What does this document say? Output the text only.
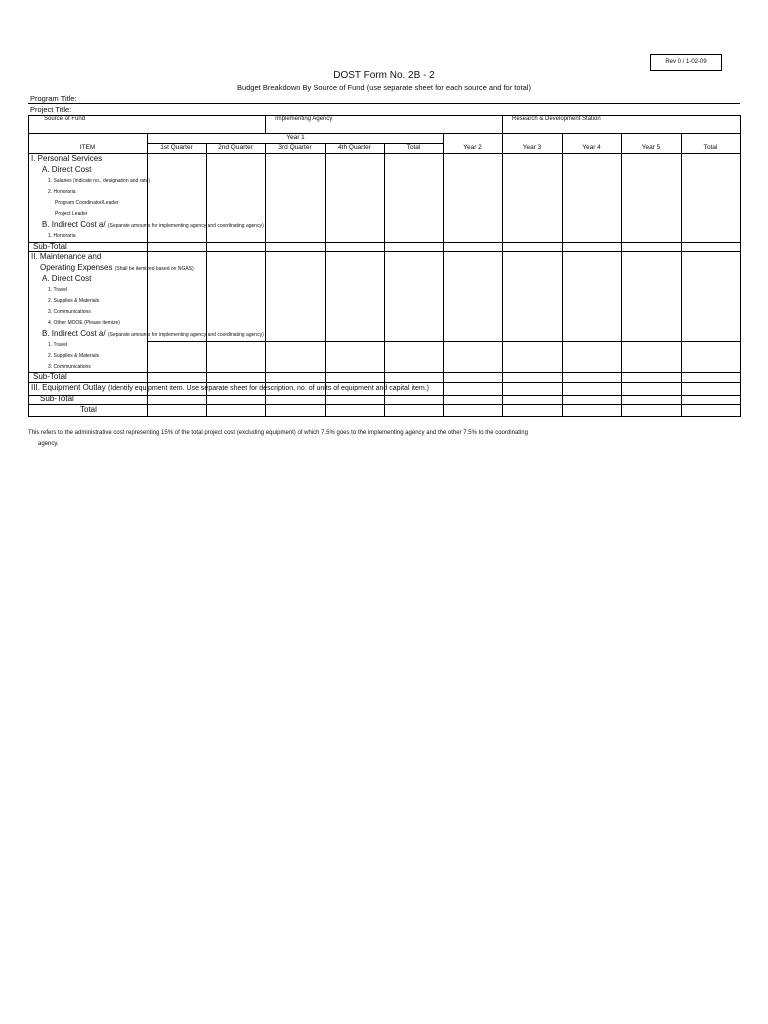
Rev 0 / 1-02-09
DOST Form No. 2B - 2
Budget Breakdown By Source of Fund (use separate sheet for each source and for total)
Program Title:
Project Title:
Source of Fund	Implementing Agency	Research & Development Station
Year 1
ITEM	1st Quarter	2nd Quarter	3rd Quarter	4th Quarter	Total	Year 2	Year 3	Year 4	Year 5	Total
I. Personal Services
A. Direct Cost
1. Salaries (indicate no., designation and rate)
2. Honoraria
Program Coordinator/Leader
Project Leader
B. Indirect Cost a/ (Separate amounts for implementing agency and coordinating agency)
1. Honoraria
Sub-Total
II. Maintenance and
Operating Expenses (Shall be itemized based on NGAS)
A. Direct Cost
1. Travel
2. Supplies & Materials
3. Communications
4. Other MOOE (Please itemize)
B. Indirect Cost a/ (Separate amounts for implementing agency and coordinating agency)
1. Travel
2. Supplies & Materials
3. Communications
Sub-Total
III. Equipment Outlay (Identify equipment item. Use separate sheet for description, no. of units of equipment and capital item.)
Sub-Total
Total
This refers to the administrative cost representing 15% of the total project cost (excluding equipment) of which 7.5% goes to the implementing agency and the other 7.5% to the coordinating
agency.
